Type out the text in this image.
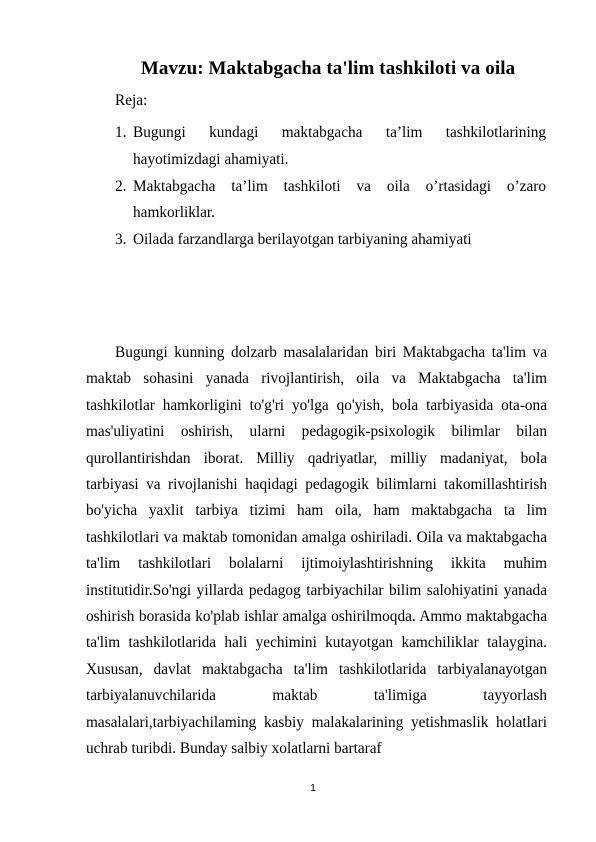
Mavzu: Maktabgacha ta'lim tashkiloti va oila
Reja:
1. Bugungi kundagi maktabgacha ta’lim tashkilotlarining hayotimizdagi ahamiyati.
2. Maktabgacha ta’lim tashkiloti va oila o’rtasidagi o’zaro hamkorliklar.
3. Oilada farzandlarga berilayotgan tarbiyaning ahamiyati

Bugungi kunning dolzarb masalalaridan biri Maktabgacha ta'lim va maktab sohasini yanada rivojlantirish, oila va Maktabgacha ta'lim tashkilotlar hamkorligini to'g'ri yo'lga qo'yish, bola tarbiyasida ota-ona mas'uliyatini oshirish, ularni pedagogik-psixologik bilimlar bilan qurollantirishdan iborat. Milliy qadriyatlar, milliy madaniyat, bola tarbiyasi va rivojlanishi haqidagi pedagogik bilimlarni takomillashtirish bo'yicha yaxlit tarbiya tizimi ham oila, ham maktabgacha ta lim tashkilotlari va maktab tomonidan amalga oshiriladi. Oila va maktabgacha ta'lim tashkilotlari bolalarni ijtimoiylashtirishning ikkita muhim institutidir.So'ngi yillarda pedagog tarbiyachilar bilim salohiyatini yanada oshirish borasida ko'plab ishlar amalga oshirilmoqda. Ammo maktabgacha ta'lim tashkilotlarida hali yechimini kutayotgan kamchiliklar talaygina. Xususan, davlat maktabgacha ta'lim tashkilotlarida tarbiyalanayotgan tarbiyalanuvchilarida maktab ta'limiga tayyorlash masalalari,tarbiyachilaming kasbiy malakalarining yetishmaslik holatlari uchrab turibdi. Bunday salbiy xolatlarni bartaraf

1
